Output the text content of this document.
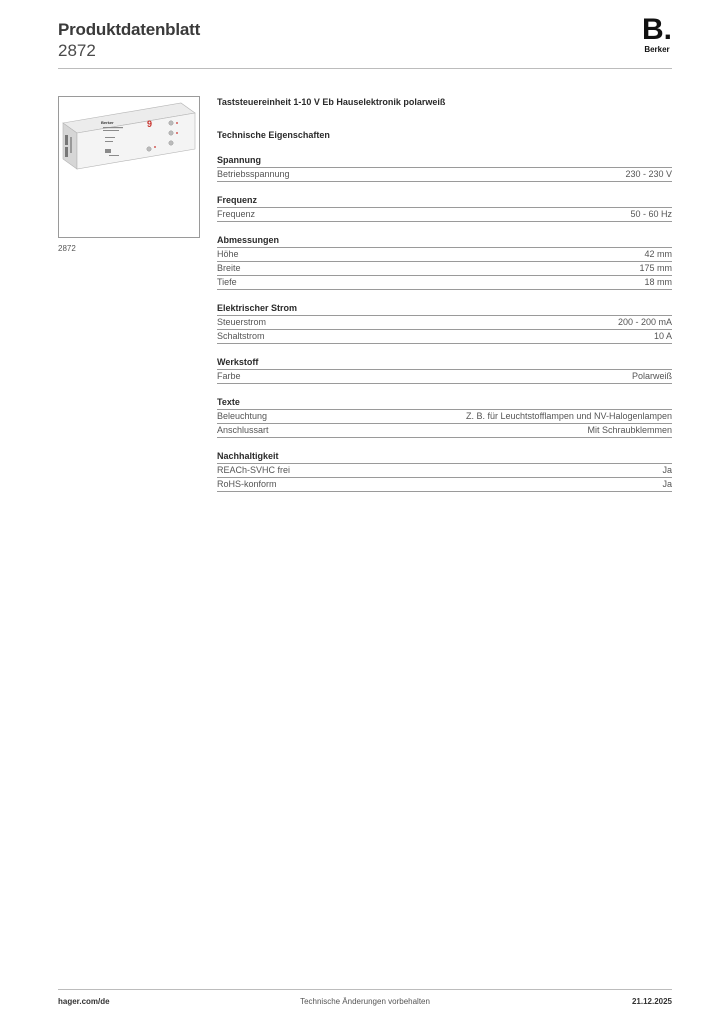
Produktdatenblatt
2872
B.
Berker
Berker	9
2872
Taststeuereinheit 1-10 V Eb Hauselektronik polarweiß
Technische Eigenschaften
Spannung
Betriebsspannung	230 - 230 V
Frequenz
Frequenz	50 - 60 Hz
Abmessungen
Höhe	42 mm
Breite	175 mm
Tiefe	18 mm
Elektrischer Strom
Steuerstrom	200 - 200 mA
Schaltstrom	10 A
Werkstoff
Farbe	Polarweiß
Texte
Beleuchtung	Z. B. für Leuchtstofflampen und NV-Halogenlampen
Anschlussart	Mit Schraubklemmen
Nachhaltigkeit
REACh-SVHC frei	Ja
RoHS-konform	Ja
Technische Änderungen vorbehalten
hager.com/de	21.12.2025
